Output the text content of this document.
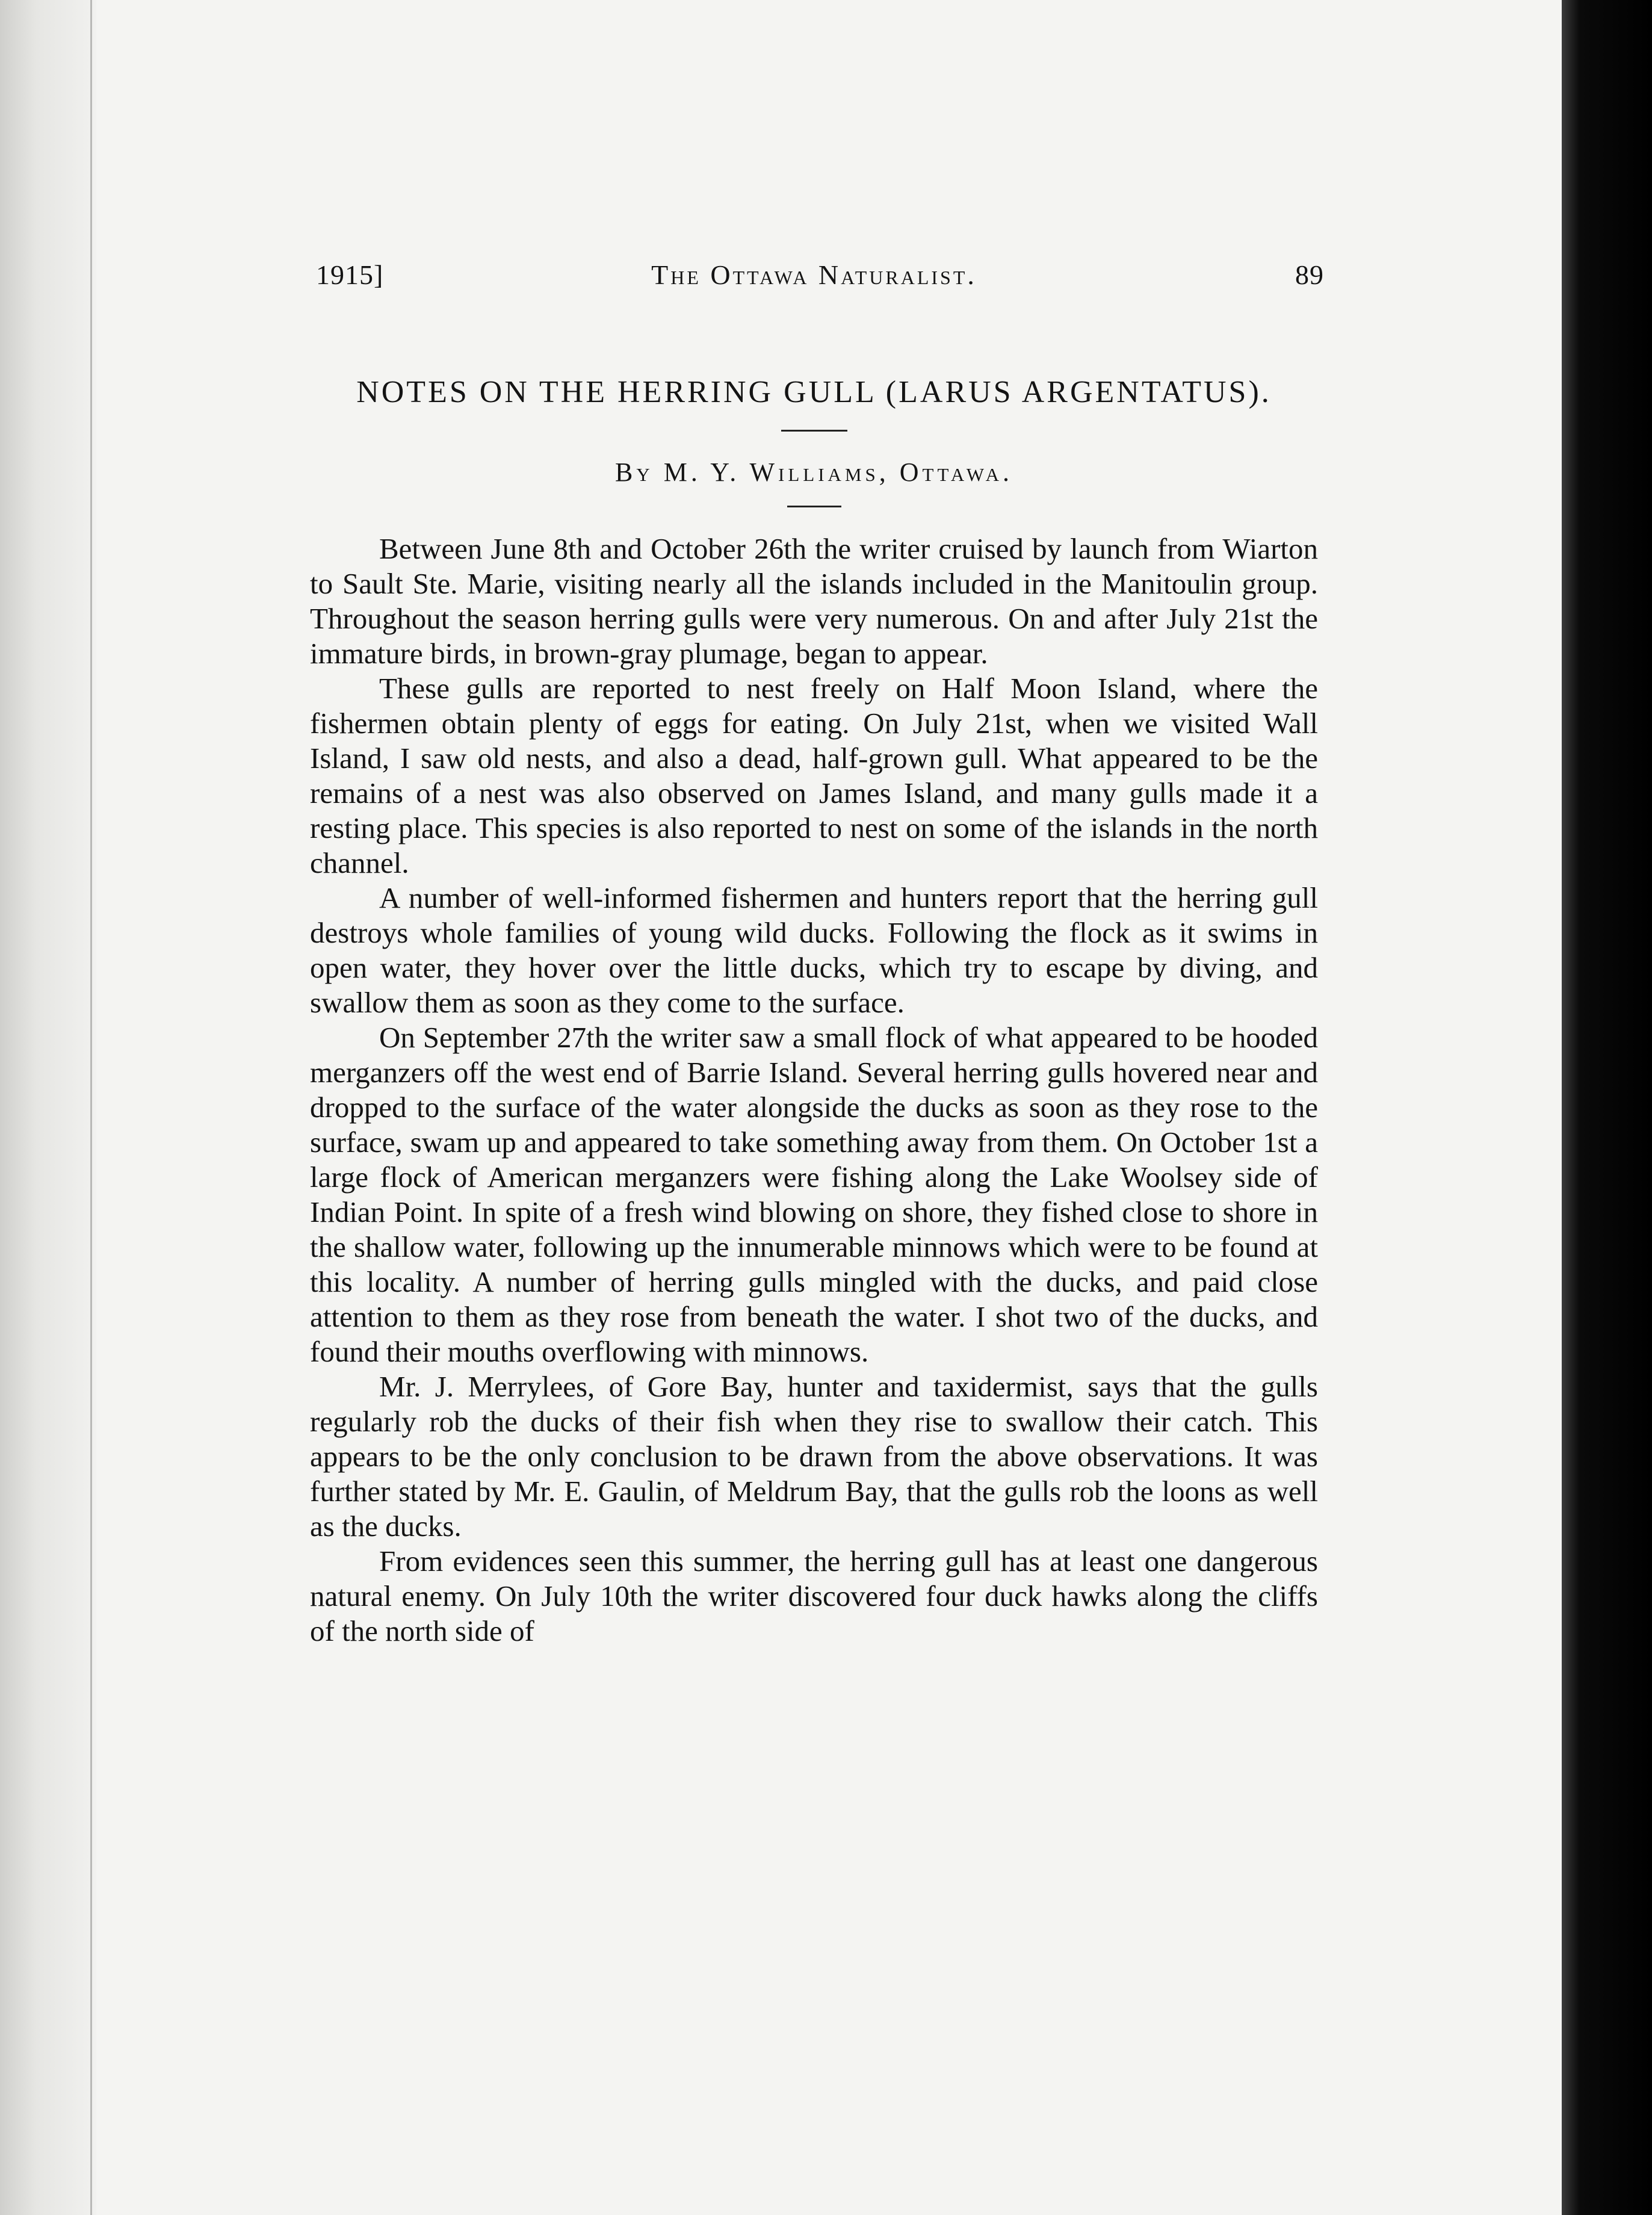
1915]	The Ottawa Naturalist.	89
NOTES ON THE HERRING GULL (LARUS ARGENTATUS).
By M. Y. Williams, Ottawa.

Between June 8th and October 26th the writer cruised by launch from Wiarton to Sault Ste. Marie, visiting nearly all the islands included in the Manitoulin group. Throughout the season herring gulls were very numerous. On and after July 21st the immature birds, in brown-gray plumage, began to appear.

These gulls are reported to nest freely on Half Moon Island, where the fishermen obtain plenty of eggs for eating. On July 21st, when we visited Wall Island, I saw old nests, and also a dead, half-grown gull. What appeared to be the remains of a nest was also observed on James Island, and many gulls made it a resting place. This species is also reported to nest on some of the islands in the north channel.

A number of well-informed fishermen and hunters report that the herring gull destroys whole families of young wild ducks. Following the flock as it swims in open water, they hover over the little ducks, which try to escape by diving, and swallow them as soon as they come to the surface.

On September 27th the writer saw a small flock of what appeared to be hooded merganzers off the west end of Barrie Island. Several herring gulls hovered near and dropped to the surface of the water alongside the ducks as soon as they rose to the surface, swam up and appeared to take something away from them. On October 1st a large flock of American merganzers were fishing along the Lake Woolsey side of Indian Point. In spite of a fresh wind blowing on shore, they fished close to shore in the shallow water, following up the innumerable minnows which were to be found at this locality. A number of herring gulls mingled with the ducks, and paid close attention to them as they rose from beneath the water. I shot two of the ducks, and found their mouths overflowing with minnows.

Mr. J. Merrylees, of Gore Bay, hunter and taxidermist, says that the gulls regularly rob the ducks of their fish when they rise to swallow their catch. This appears to be the only conclusion to be drawn from the above observations. It was further stated by Mr. E. Gaulin, of Meldrum Bay, that the gulls rob the loons as well as the ducks.

From evidences seen this summer, the herring gull has at least one dangerous natural enemy. On July 10th the writer discovered four duck hawks along the cliffs of the north side of
